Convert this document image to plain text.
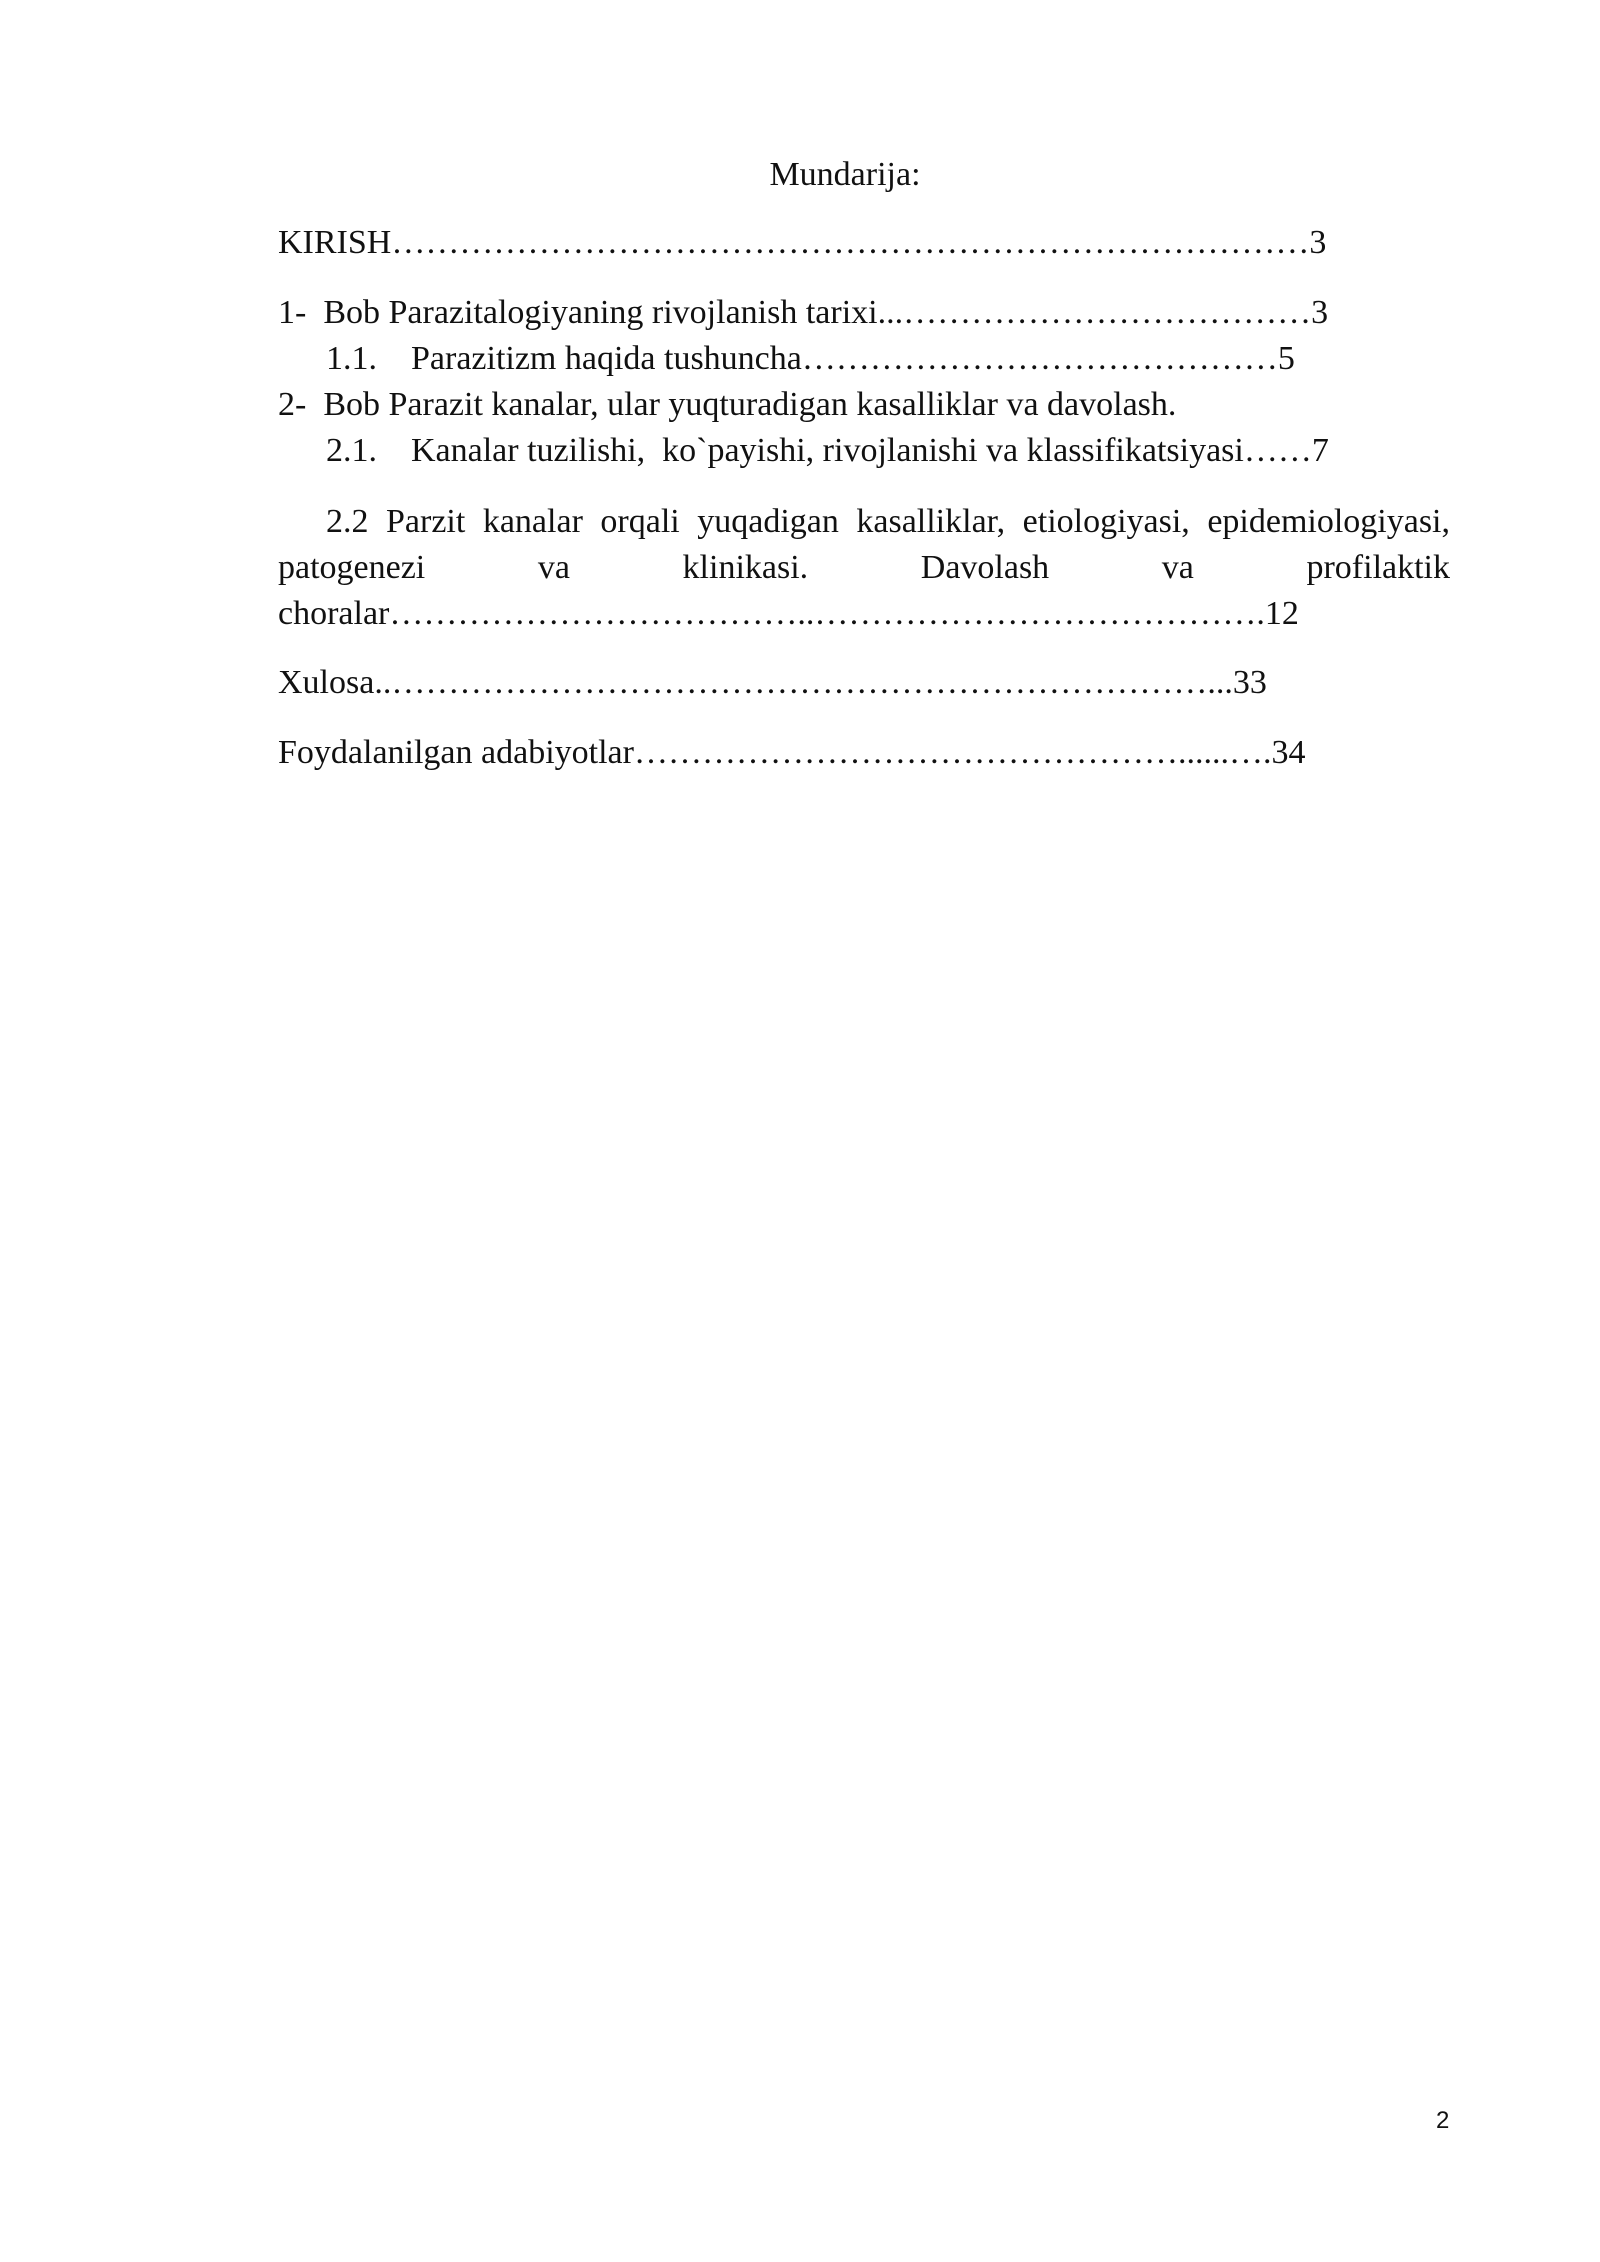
Mundarija:
KIRISH………………………………………………………………………3
1-  Bob Parazitalogiyaning rivojlanish tarixi...………………………………3
1.1.    Parazitizm haqida tushuncha……………………………………5
2-  Bob Parazit kanalar, ular yuqturadigan kasalliklar va davolash.
2.1.    Kanalar tuzilishi,  ko`payishi, rivojlanishi va klassifikatsiyasi……7
2.2 Parzit kanalar orqali yuqadigan kasalliklar, etiologiyasi, epidemiologiyasi, patogenezi va klinikasi. Davolash va profilaktik choralar………………………………..………………………………….12
Xulosa..………………………………………………………………...33
Foydalanilgan adabiyotlar…………………………………………......….34
2
